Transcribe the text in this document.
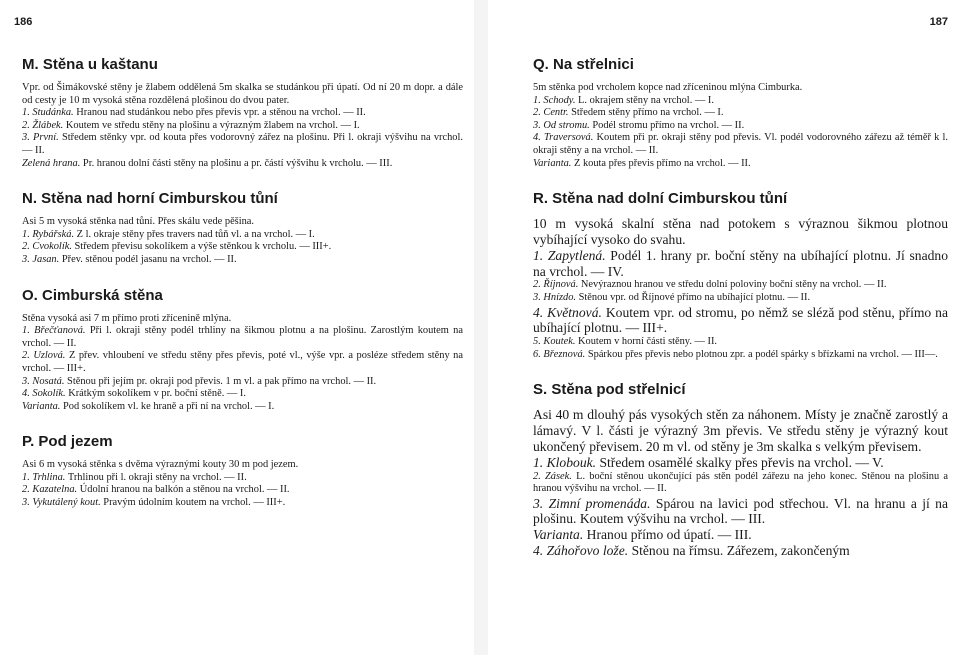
186
M. Stěna u kaštanu

Vpr. od Šimákovské stěny je žlabem oddělená 5m skalka se studánkou při úpatí. Od ní 20 m dopr. a dále od cesty je 10 m vysoká stěna rozdělená plošinou do dvou pater.

1. Studánka. Hranou nad studánkou nebo přes převis vpr. a stěnou na vrchol. — II.

2. Žlábek. Koutem ve středu stěny na plošinu a výrazným žlabem na vrchol. — I.

3. První. Středem stěnky vpr. od kouta přes vodorovný zářez na plošinu. Při l. okraji výšvihu na vrchol. — II.

Zelená hrana. Pr. hranou dolní části stěny na plošinu a pr. částí výšvihu k vrcholu. — III.

N. Stěna nad horní Cimburskou tůní

Asi 5 m vysoká stěnka nad tůní. Přes skálu vede pěšina.

1. Rybářská. Z l. okraje stěny přes travers nad tůň vl. a na vrchol. — I.

2. Cvokolík. Středem převisu sokolíkem a výše stěnkou k vrcholu. — III+.

3. Jasan. Přev. stěnou podél jasanu na vrchol. — II.

O. Cimburská stěna

Stěna vysoká asi 7 m přímo proti zřícenině mlýna.

1. Břečťanová. Při l. okraji stěny podél trhliny na šikmou plotnu a na plošinu. Zarostlým koutem na vrchol. — II.

2. Uzlová. Z přev. vhloubení ve středu stěny přes převis, poté vl., výše vpr. a posléze středem stěny na vrchol. — III+.

3. Nosatá. Stěnou při jejím pr. okraji pod převis. 1 m vl. a pak přímo na vrchol. — II.

4. Sokolík. Krátkým sokolíkem v pr. boční stěně. — I.

Varianta. Pod sokolíkem vl. ke hraně a při ní na vrchol. — I.

P. Pod jezem

Asi 6 m vysoká stěnka s dvěma výraznými kouty 30 m pod jezem.

1. Trhlina. Trhlinou při l. okraji stěny na vrchol. — II.

2. Kazatelna. Údolní hranou na balkón a stěnou na vrchol. — II.

3. Vykutálený kout. Pravým údolním koutem na vrchol. — III+.

187
Q. Na střelnici

5m stěnka pod vrcholem kopce nad zříceninou mlýna Cimburka.

1. Schody. L. okrajem stěny na vrchol. — I.

2. Centr. Středem stěny přímo na vrchol. — I.

3. Od stromu. Podél stromu přímo na vrchol. — II.

4. Traversová. Koutem při pr. okraji stěny pod převis. Vl. podél vodorovného zářezu až téměř k l. okraji stěny a na vrchol. — II.

Varianta. Z kouta přes převis přímo na vrchol. — II.

R. Stěna nad dolní Cimburskou tůní

10 m vysoká skalní stěna nad potokem s výraznou šikmou plotnou vybíhající vysoko do svahu.

1. Zapytlená. Podél 1. hrany pr. boční stěny na ubíhající plotnu. Jí snadno na vrchol. — IV.

2. Říjnová. Nevýraznou hranou ve středu dolní poloviny boční stěny na vrchol. — II.

3. Hnízdo. Stěnou vpr. od Říjnové přímo na ubíhající plotnu. — II.

4. Květnová. Koutem vpr. od stromu, po němž se sléză pod stěnu, přímo na ubíhající plotnu. — III+.

5. Koutek. Koutem v horní části stěny. — II.

6. Březnová. Spárkou přes převis nebo plotnou zpr. a podél spárky s břízkami na vrchol. — III—.

S. Stěna pod střelnicí

Asi 40 m dlouhý pás vysokých stěn za náhonem. Místy je značně zarostlý a lámavý. V l. části je výrazný 3m převis. Ve středu stěny je výrazný kout ukončený převisem. 20 m vl. od stěny je 3m skalka s velkým převisem.

1. Klobouk. Středem osamělé skalky přes převis na vrchol. — V.

2. Zásek. L. boční stěnou ukončující pás stěn podél zářezu na jeho konec. Stěnou na plošinu a hranou výšvihu na vrchol. — II.

3. Zimní promenáda. Spárou na lavici pod střechou. Vl. na hranu a jí na plošinu. Koutem výšvihu na vrchol. — III.

Varianta. Hranou přímo od úpatí. — III.

4. Záhořovo lože. Stěnou na římsu. Zářezem, zakončeným
